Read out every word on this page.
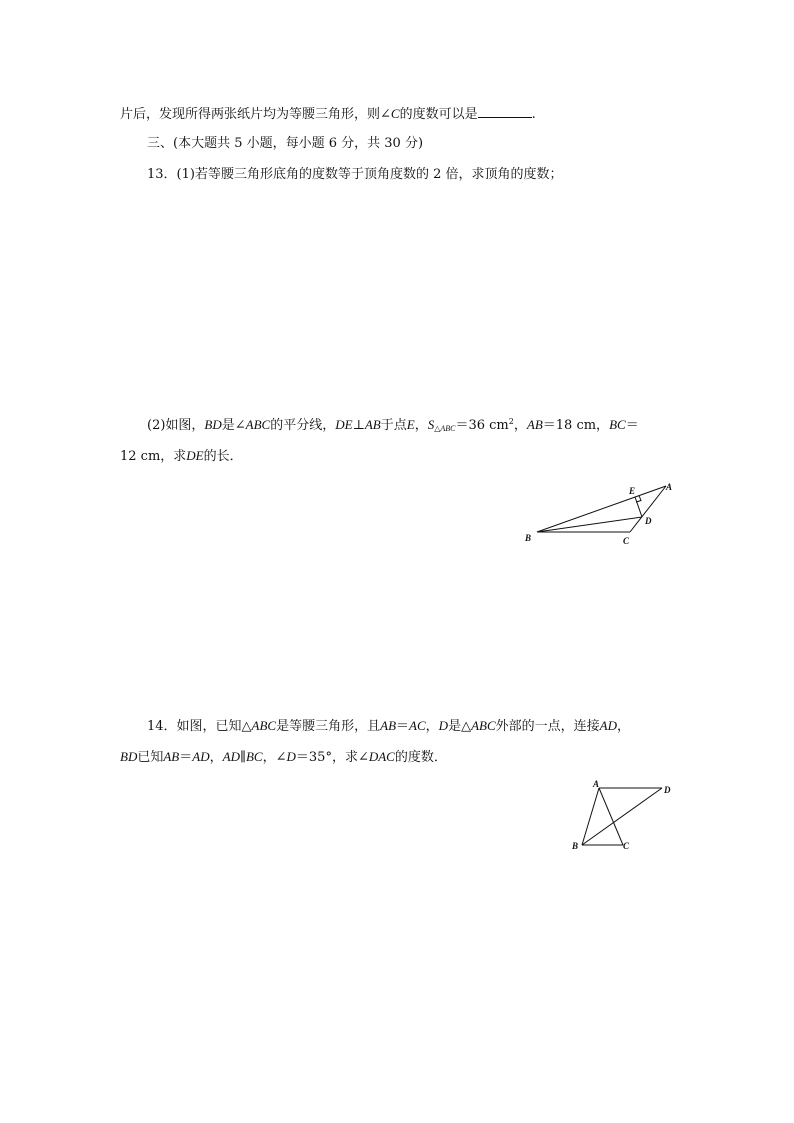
片后，发现所得两张纸片均为等腰三角形，则∠C的度数可以是	.
三、(本大题共 5 小题，每小题 6 分，共 30 分)
13．(1)若等腰三角形底角的度数等于顶角度数的 2 倍，求顶角的度数；
(2)如图，BD是∠ABC的平分线，DE⊥AB于点E，$S_{\triangle ABC}=36$ $cm^2$，AB＝18 cm，BC＝
12 cm，求DE的长．
A
B	C
D
E
14．如图，已知△ABC是等腰三角形，且AB＝AC，D是△ABC外部的一点，连接AD，
BD已知AB＝AD，AD∥BC，∠D＝35°，求∠DAC的度数．
A
D
B	C
